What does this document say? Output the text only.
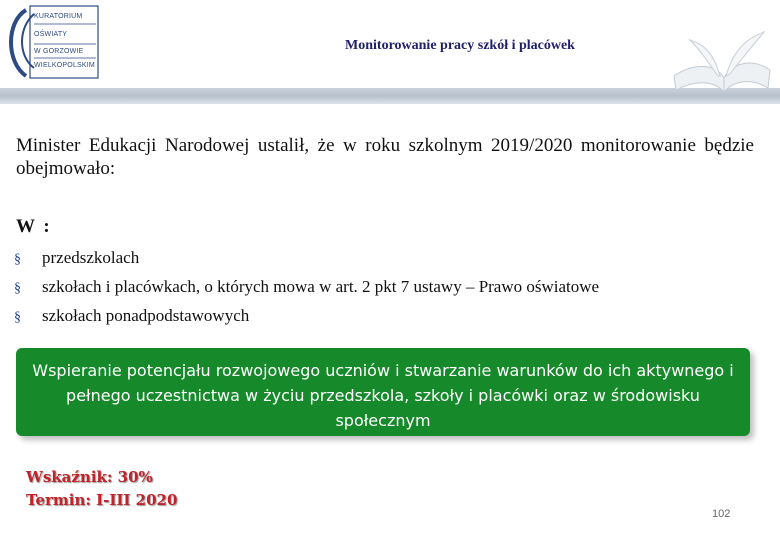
KURATORIUM
OŚWIATY
W GORZOWIE
WIELKOPOLSKIM
Monitorowanie pracy szkół i placówek
Minister Edukacji Narodowej ustalił, że w roku szkolnym 2019/2020 monitorowanie będzie obejmowało:
W :
§ przedszkolach
§ szkołach i placówkach, o których mowa w art. 2 pkt 7 ustawy – Prawo oświatowe
§ szkołach ponadpodstawowych
Wspieranie potencjału rozwojowego uczniów i stwarzanie warunków do ich aktywnego i pełnego uczestnictwa w życiu przedszkola, szkoły i placówki oraz w środowisku społecznym
Wskaźnik: 30%
Termin: I-III 2020
102
